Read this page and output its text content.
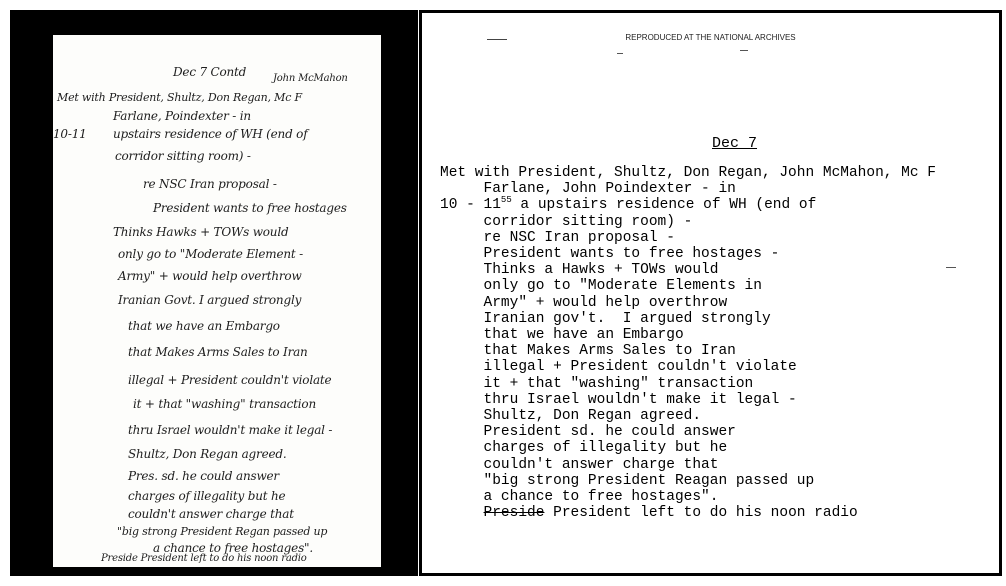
Dec 7 Contd	John McMahon
Met with President, Shultz, Don Regan, Mc F
Farlane, Poindexter - in
10-11 upstairs residence of WH (end of
corridor sitting room) -
re NSC Iran proposal -
President wants to free hostages
Thinks Hawks + TOWs would
only go to "Moderate Element -
Army" + would help overthrow
Iranian Govt. I argued strongly
that we have an Embargo
that Makes Arms Sales to Iran
illegal + President couldn't violate
it + that "washing" transaction
thru Israel wouldn't make it legal -
Shultz, Don Regan agreed.
Pres. sd. he could answer
charges of illegality but he
couldn't answer charge that
"big strong President Regan passed up
a chance to free hostages".
Preside President left to do his noon radio
REPRODUCED AT THE NATIONAL ARCHIVES
Dec 7
Met with President, Shultz, Don Regan, John McMahon, Mc F
Farlane, John Poindexter - in
$10 - 11^{55}$ a upstairs residence of WH (end of
corridor sitting room) -
re NSC Iran proposal -
President wants to free hostages -
Thinks a Hawks + TOWs would
only go to "Moderate Elements in
Army" + would help overthrow
Iranian gov't.  I argued strongly
that we have an Embargo
that Makes Arms Sales to Iran
illegal + President couldn't violate
it + that "washing" transaction
thru Israel wouldn't make it legal -
Shultz, Don Regan agreed.
President sd. he could answer
charges of illegality but he
couldn't answer charge that
"big strong President Reagan passed up
a chance to free hostages".
Preside President left to do his noon radio
